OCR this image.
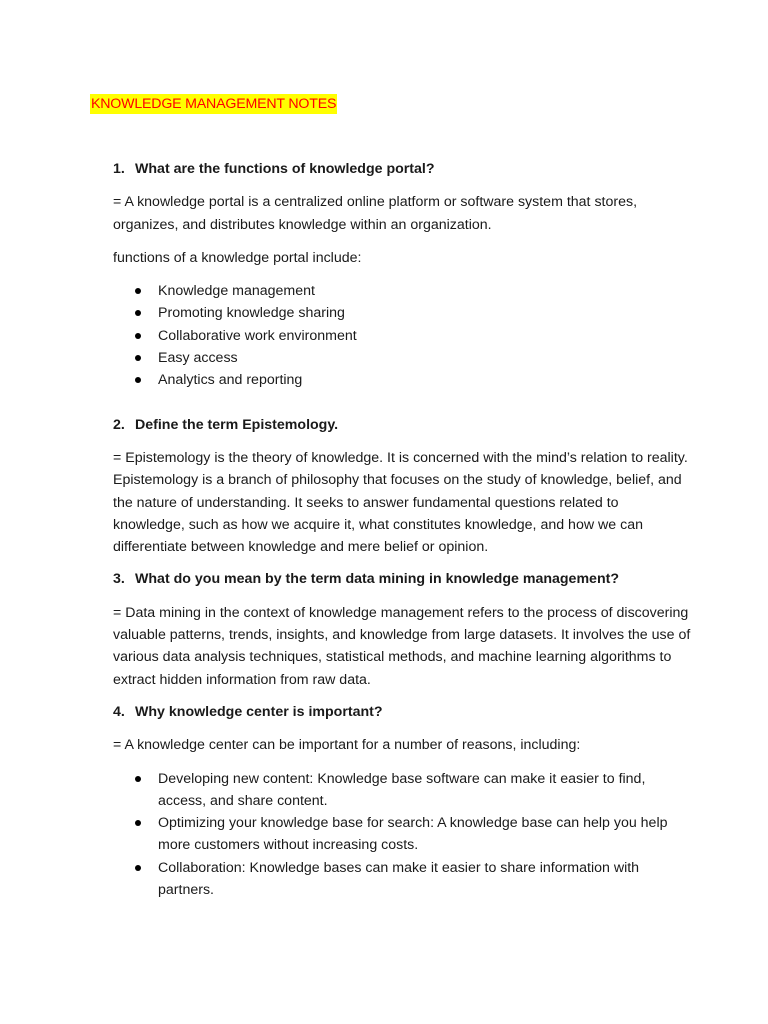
KNOWLEDGE MANAGEMENT NOTES
1. What are the functions of knowledge portal?

= A knowledge portal is a centralized online platform or software system that stores, organizes, and distributes knowledge within an organization.

functions of a knowledge portal include:

Knowledge management
Promoting knowledge sharing
Collaborative work environment
Easy access
Analytics and reporting
2. Define the term Epistemology.

= Epistemology is the theory of knowledge. It is concerned with the mind’s relation to reality. Epistemology is a branch of philosophy that focuses on the study of knowledge, belief, and the nature of understanding. It seeks to answer fundamental questions related to knowledge, such as how we acquire it, what constitutes knowledge, and how we can differentiate between knowledge and mere belief or opinion.

3. What do you mean by the term data mining in knowledge management?

= Data mining in the context of knowledge management refers to the process of discovering valuable patterns, trends, insights, and knowledge from large datasets. It involves the use of various data analysis techniques, statistical methods, and machine learning algorithms to extract hidden information from raw data.

4. Why knowledge center is important?

= A knowledge center can be important for a number of reasons, including:

Developing new content: Knowledge base software can make it easier to find, access, and share content.
Optimizing your knowledge base for search: A knowledge base can help you help more customers without increasing costs.
Collaboration: Knowledge bases can make it easier to share information with partners.
